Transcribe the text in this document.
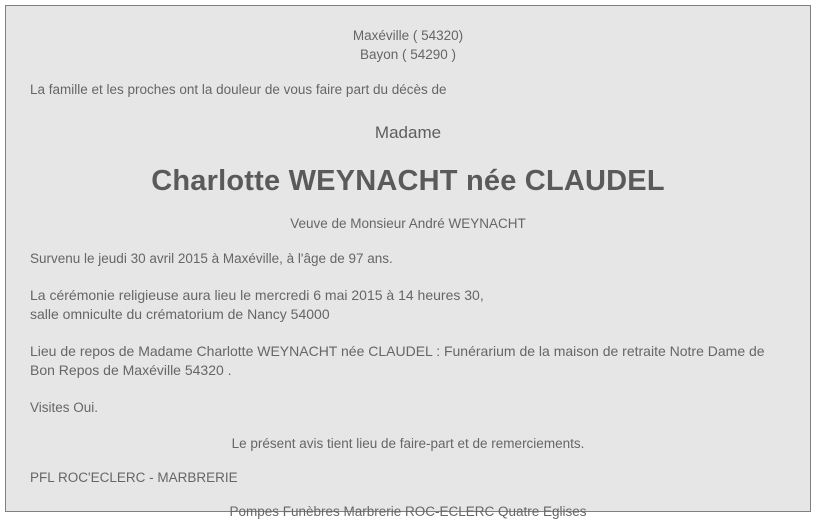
Maxéville ( 54320)
Bayon ( 54290 )
La famille et les proches ont la douleur de vous faire part du décès de
Madame
Charlotte WEYNACHT née CLAUDEL
Veuve de Monsieur André WEYNACHT
Survenu le jeudi 30 avril 2015 à Maxéville, à l'âge de 97 ans.
La cérémonie religieuse aura lieu le mercredi 6 mai 2015 à 14 heures 30,
salle omniculte du crématorium de Nancy 54000
Lieu de repos de Madame Charlotte WEYNACHT née CLAUDEL : Funérarium de la maison de retraite Notre Dame de
Bon Repos de Maxéville 54320 .
Visites Oui.
Le présent avis tient lieu de faire-part et de remerciements.
PFL ROC'ECLERC - MARBRERIE
Pompes Funèbres Marbrerie ROC-ECLERC Quatre Eglises
